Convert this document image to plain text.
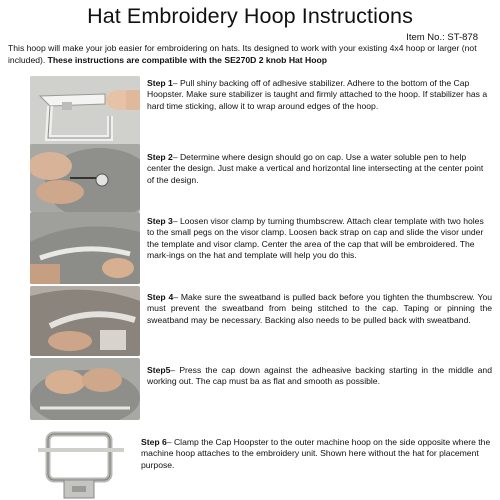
Hat Embroidery Hoop Instructions
Item No.: ST-878
This hoop will make your job easier for embroidering on hats. Its designed to work with your existing 4x4 hoop or larger (not included). These instructions are compatible with the SE270D 2 knob Hat Hoop
Step 1– Pull shiny backing off of adhesive stabilizer. Adhere to the bottom of the Cap Hoopster. Make sure stabilizer is taught and firmly attached to the hoop. If stabilizer has a hard time sticking, allow it to wrap around edges of the hoop.
Step 2– Determine where design should go on cap. Use a water soluble pen to help center the design. Just make a vertical and horizontal line intersecting at the center point of the design.
Step 3– Loosen visor clamp by turning thumbscrew. Attach clear template with two holes to the small pegs on the visor clamp. Loosen back strap on cap and slide the visor under the template and visor clamp. Center the area of the cap that will be embroidered. The mark-ings on the hat and template will help you do this.
Step 4– Make sure the sweatband is pulled back before you tighten the thumbscrew. You must prevent the sweatband from being stitched to the cap. Taping or pinning the sweatband may be necessary. Backing also needs to be pulled back with sweatband.
Step5– Press the cap down against the adheasive backing starting in the middle and working out. The cap must ba as flat and smooth as possible.
Step 6– Clamp the Cap Hoopster to the outer machine hoop on the side opposite where the machine hoop attaches to the embroidery unit. Shown here without the hat for placement purpose.
